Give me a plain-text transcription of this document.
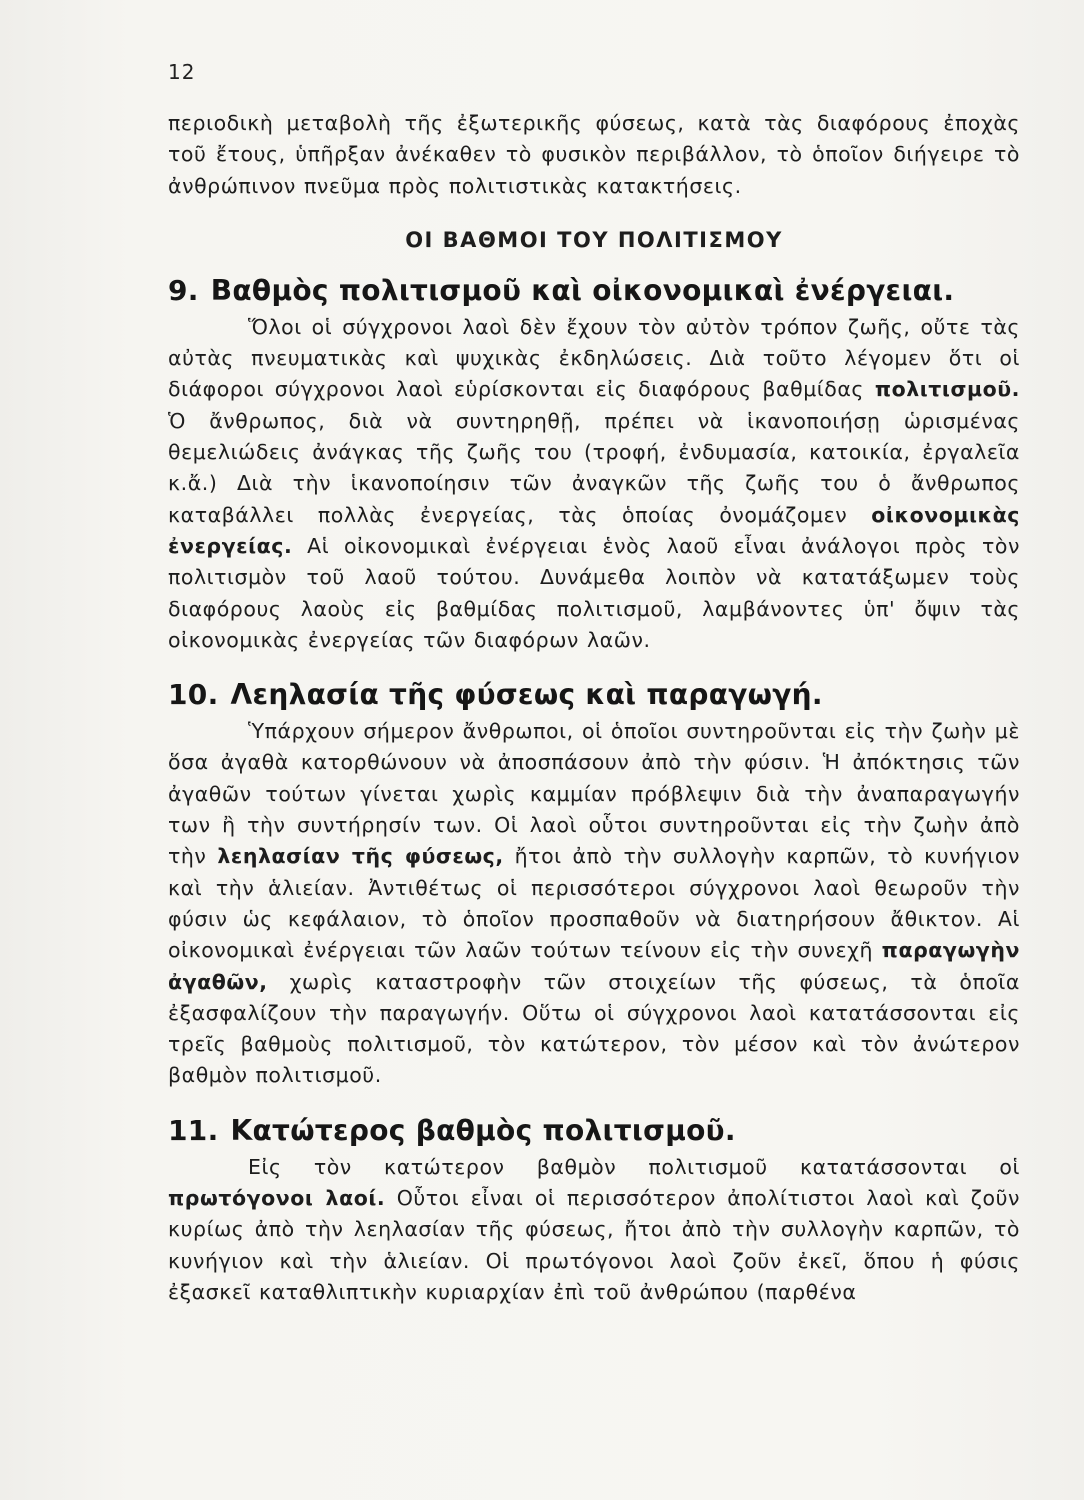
12

περιοδικὴ μεταβολὴ τῆς ἐξωτερικῆς φύσεως, κατὰ τὰς διαφόρους ἐποχὰς τοῦ ἔτους, ὑπῆρξαν ἀνέκαθεν τὸ φυσικὸν περιβάλλον, τὸ ὁποῖον διήγειρε τὸ ἀνθρώπινον πνεῦμα πρὸς πολιτιστικὰς κατακτήσεις.

ΟΙ ΒΑΘΜΟΙ ΤΟΥ ΠΟΛΙΤΙΣΜΟΥ
9. Βαθμὸς πολιτισμοῦ καὶ οἰκονομικαὶ ἐνέργειαι.

Ὅλοι οἱ σύγχρονοι λαοὶ δὲν ἔχουν τὸν αὐτὸν τρόπον ζωῆς, οὔτε τὰς αὐτὰς πνευματικὰς καὶ ψυχικὰς ἐκδηλώσεις. Διὰ τοῦτο λέγομεν ὅτι οἱ διάφοροι σύγχρονοι λαοὶ εὑρίσκονται εἰς διαφόρους βαθμίδας πολιτισμοῦ. Ὁ ἄνθρωπος, διὰ νὰ συντηρηθῇ, πρέπει νὰ ἱκανοποιήσῃ ὡρισμένας θεμελιώδεις ἀνάγκας τῆς ζωῆς του (τροφή, ἐνδυμασία, κατοικία, ἐργαλεῖα κ.ἄ.) Διὰ τὴν ἱκανοποίησιν τῶν ἀναγκῶν τῆς ζωῆς του ὁ ἄνθρωπος καταβάλλει πολλὰς ἐνεργείας, τὰς ὁποίας ὀνομάζομεν οἰκονομικὰς ἐνεργείας. Αἱ οἰκονομικαὶ ἐνέργειαι ἑνὸς λαοῦ εἶναι ἀνάλογοι πρὸς τὸν πολιτισμὸν τοῦ λαοῦ τούτου. Δυνάμεθα λοιπὸν νὰ κατατάξωμεν τοὺς διαφόρους λαοὺς εἰς βαθμίδας πολιτισμοῦ, λαμβάνοντες ὑπ' ὄψιν τὰς οἰκονομικὰς ἐνεργείας τῶν διαφόρων λαῶν.

10. Λεηλασία τῆς φύσεως καὶ παραγωγή.

Ὑπάρχουν σήμερον ἄνθρωποι, οἱ ὁποῖοι συντηροῦνται εἰς τὴν ζωὴν μὲ ὅσα ἀγαθὰ κατορθώνουν νὰ ἀποσπάσουν ἀπὸ τὴν φύσιν. Ἡ ἀπόκτησις τῶν ἀγαθῶν τούτων γίνεται χωρὶς καμμίαν πρόβλεψιν διὰ τὴν ἀναπαραγωγήν των ἢ τὴν συντήρησίν των. Οἱ λαοὶ οὗτοι συντηροῦνται εἰς τὴν ζωὴν ἀπὸ τὴν λεηλασίαν τῆς φύσεως, ἤτοι ἀπὸ τὴν συλλογὴν καρπῶν, τὸ κυνήγιον καὶ τὴν ἁλιείαν. Ἀντιθέτως οἱ περισσότεροι σύγχρονοι λαοὶ θεωροῦν τὴν φύσιν ὡς κεφάλαιον, τὸ ὁποῖον προσπαθοῦν νὰ διατηρήσουν ἄθικτον. Αἱ οἰκονομικαὶ ἐνέργειαι τῶν λαῶν τούτων τείνουν εἰς τὴν συνεχῆ παραγωγὴν ἀγαθῶν, χωρὶς καταστροφὴν τῶν στοιχείων τῆς φύσεως, τὰ ὁποῖα ἐξασφαλίζουν τὴν παραγωγήν. Οὕτω οἱ σύγχρονοι λαοὶ κατατάσσονται εἰς τρεῖς βαθμοὺς πολιτισμοῦ, τὸν κατώτερον, τὸν μέσον καὶ τὸν ἀνώτερον βαθμὸν πολιτισμοῦ.

11. Κατώτερος βαθμὸς πολιτισμοῦ.

Εἰς τὸν κατώτερον βαθμὸν πολιτισμοῦ κατατάσσονται οἱ πρωτόγονοι λαοί. Οὗτοι εἶναι οἱ περισσότερον ἀπολίτιστοι λαοὶ καὶ ζοῦν κυρίως ἀπὸ τὴν λεηλασίαν τῆς φύσεως, ἤτοι ἀπὸ τὴν συλλογὴν καρπῶν, τὸ κυνήγιον καὶ τὴν ἁλιείαν. Οἱ πρωτόγονοι λαοὶ ζοῦν ἐκεῖ, ὅπου ἡ φύσις ἐξασκεῖ καταθλιπτικὴν κυριαρχίαν ἐπὶ τοῦ ἀνθρώπου (παρθένα
